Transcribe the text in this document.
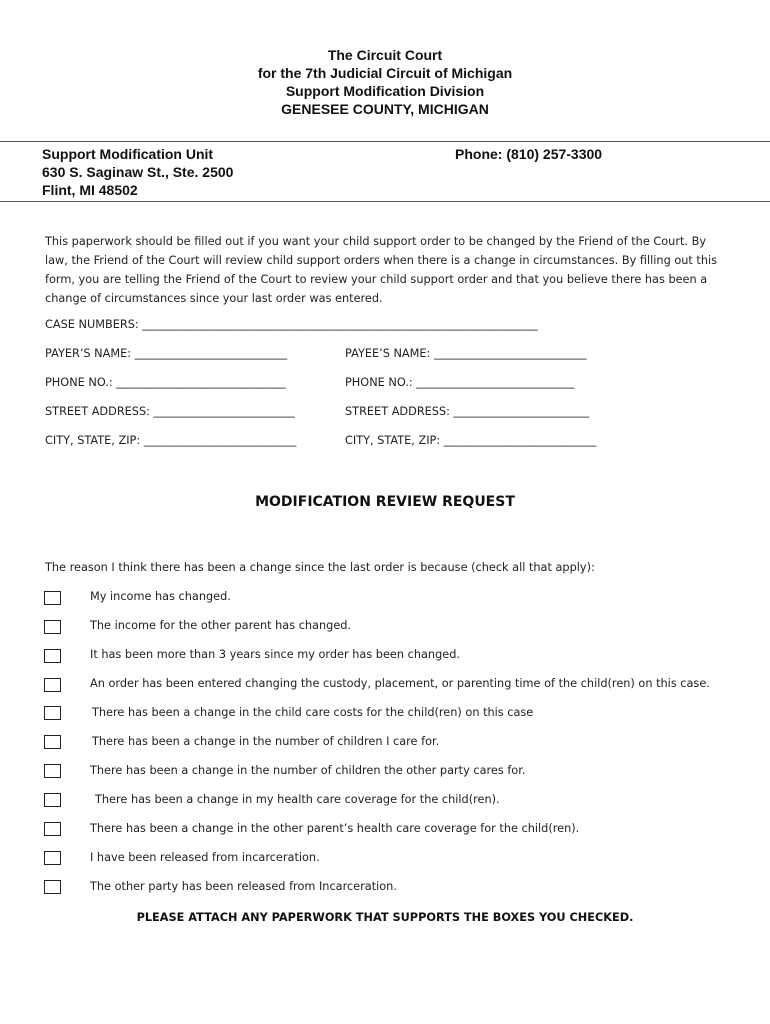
The Circuit Court
for the 7th Judicial Circuit of Michigan
Support Modification Division
GENESEE COUNTY, MICHIGAN
Support Modification Unit
630 S. Saginaw St., Ste. 2500
Flint, MI 48502
Phone: (810) 257-3300
This paperwork should be filled out if you want your child support order to be changed by the Friend of the Court. By law, the Friend of the Court will review child support orders when there is a change in circumstances. By filling out this form, you are telling the Friend of the Court to review your child support order and that you believe there has been a change of circumstances since your last order was entered.
CASE NUMBERS: ______________________________________________________________________
PAYER’S NAME: ___________________________	PAYEE’S NAME: ___________________________
PHONE NO.: ______________________________	PHONE NO.: ____________________________
STREET ADDRESS: _________________________	STREET ADDRESS: ________________________
CITY, STATE, ZIP: ___________________________	CITY, STATE, ZIP: ___________________________
MODIFICATION REVIEW REQUEST
The reason I think there has been a change since the last order is because (check all that apply):
My income has changed.
The income for the other parent has changed.
It has been more than 3 years since my order has been changed.
An order has been entered changing the custody, placement, or parenting time of the child(ren) on this case.
There has been a change in the child care costs for the child(ren) on this case
There has been a change in the number of children I care for.
There has been a change in the number of children the other party cares for.
There has been a change in my health care coverage for the child(ren).
There has been a change in the other parent’s health care coverage for the child(ren).
I have been released from incarceration.
The other party has been released from Incarceration.
PLEASE ATTACH ANY PAPERWORK THAT SUPPORTS THE BOXES YOU CHECKED.
